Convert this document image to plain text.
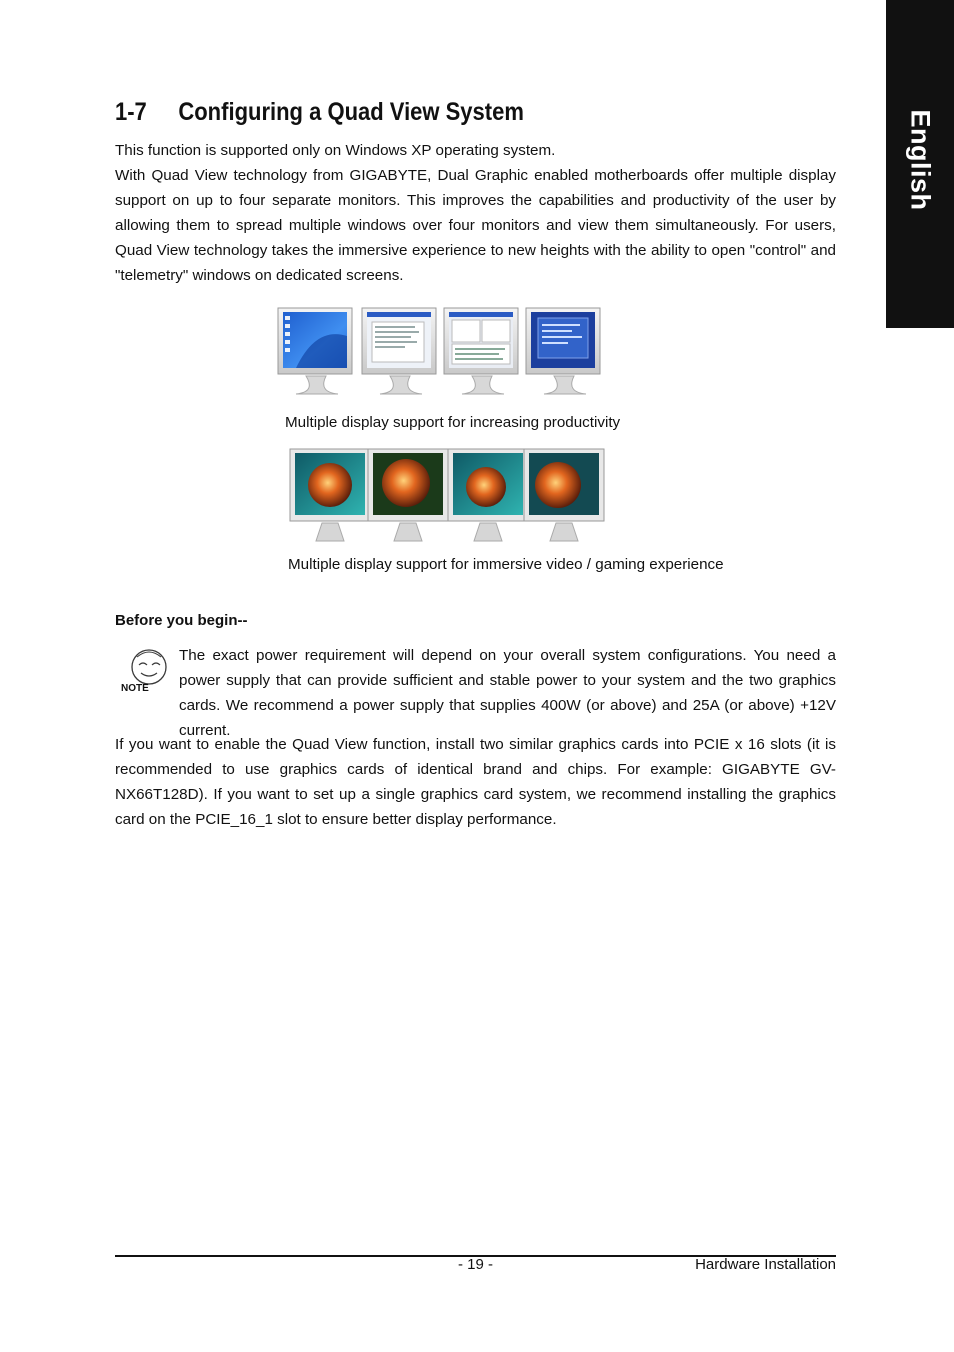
English
1-7 Configuring a Quad View System

This function is supported only on Windows XP operating system.

With Quad View technology from GIGABYTE, Dual Graphic enabled motherboards offer multiple display support on up to four separate monitors. This improves the capabilities and productivity of the user by allowing them to spread multiple windows over four monitors and view them simultaneously. For users, Quad View technology takes the immersive experience to new heights with the ability to open "control" and "telemetry" windows on dedicated screens.

Multiple display support for increasing productivity
Multiple display support for immersive video / gaming experience
Before you begin--
NOTE

The exact power requirement will depend on your overall system configurations. You need a power supply that can provide sufficient and stable power to your system and the two graphics cards. We recommend a power supply that supplies 400W (or above) and 25A (or above) +12V current.

If you want to enable the Quad View function, install two similar graphics cards into PCIE x 16 slots (it is recommended to use graphics cards of identical brand and chips. For example: GIGABYTE GV-NX66T128D). If you want to set up a single graphics card system, we recommend installing the graphics card on the PCIE_16_1 slot to ensure better display performance.

- 19 -	Hardware Installation
